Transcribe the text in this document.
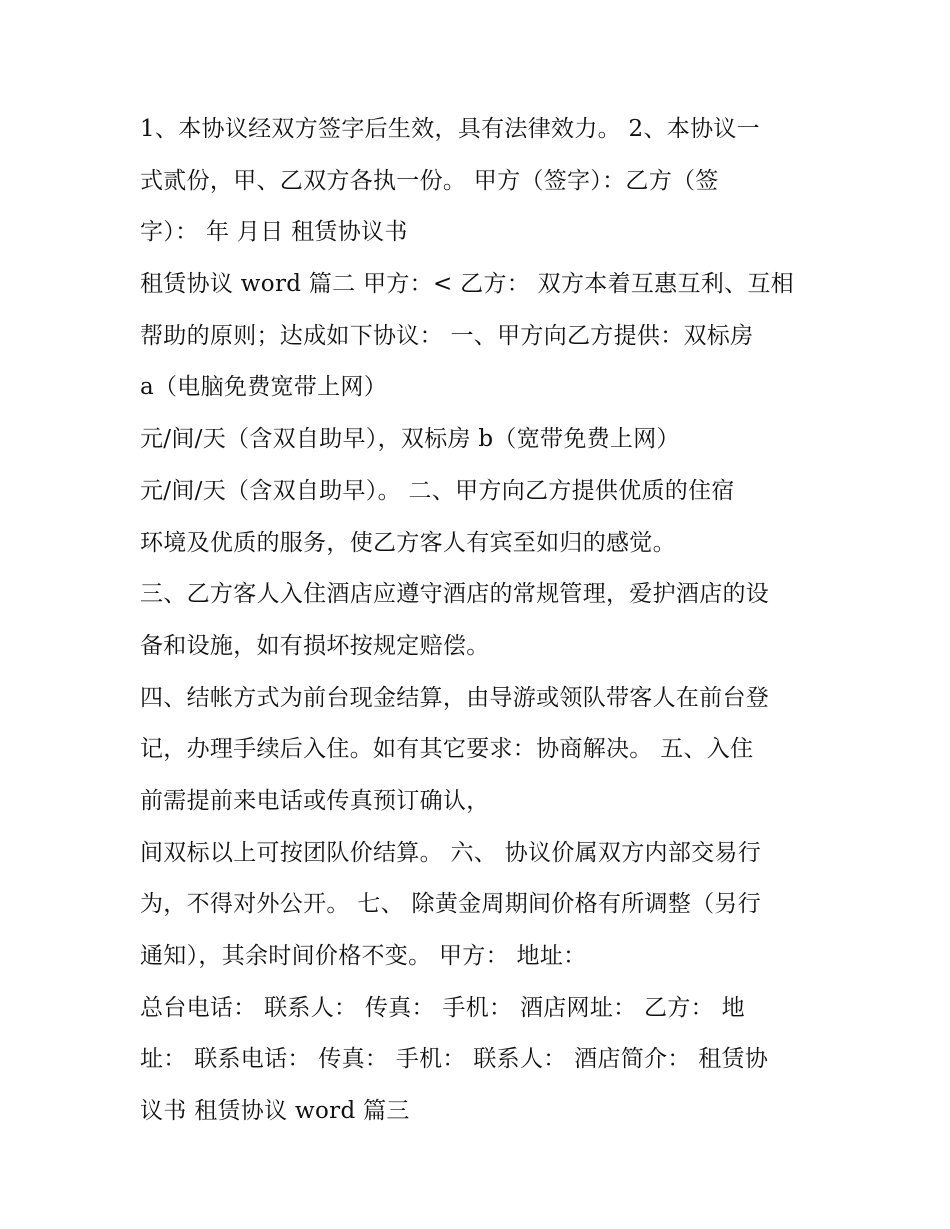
1、本协议经双方签字后生效，具有法律效力。 2、本协议一
式贰份，甲、乙双方各执一份。 甲方（签字）：乙方（签
字）： 年 月日 租赁协议书
租赁协议 word 篇二 甲方：< 乙方： 双方本着互惠互利、互相
帮助的原则；达成如下协议： 一、甲方向乙方提供：双标房
a（电脑免费宽带上网）
元/间/天（含双自助早），双标房 b（宽带免费上网）
元/间/天（含双自助早）。 二、甲方向乙方提供优质的住宿
环境及优质的服务，使乙方客人有宾至如归的感觉。
三、乙方客人入住酒店应遵守酒店的常规管理，爱护酒店的设
备和设施，如有损坏按规定赔偿。
四、结帐方式为前台现金结算，由导游或领队带客人在前台登
记，办理手续后入住。如有其它要求：协商解决。 五、入住
前需提前来电话或传真预订确认，
间双标以上可按团队价结算。 六、 协议价属双方内部交易行
为，不得对外公开。 七、 除黄金周期间价格有所调整（另行
通知），其余时间价格不变。 甲方： 地址：
总台电话： 联系人： 传真： 手机： 酒店网址： 乙方： 地
址： 联系电话： 传真： 手机： 联系人： 酒店简介： 租赁协
议书 租赁协议 word 篇三
